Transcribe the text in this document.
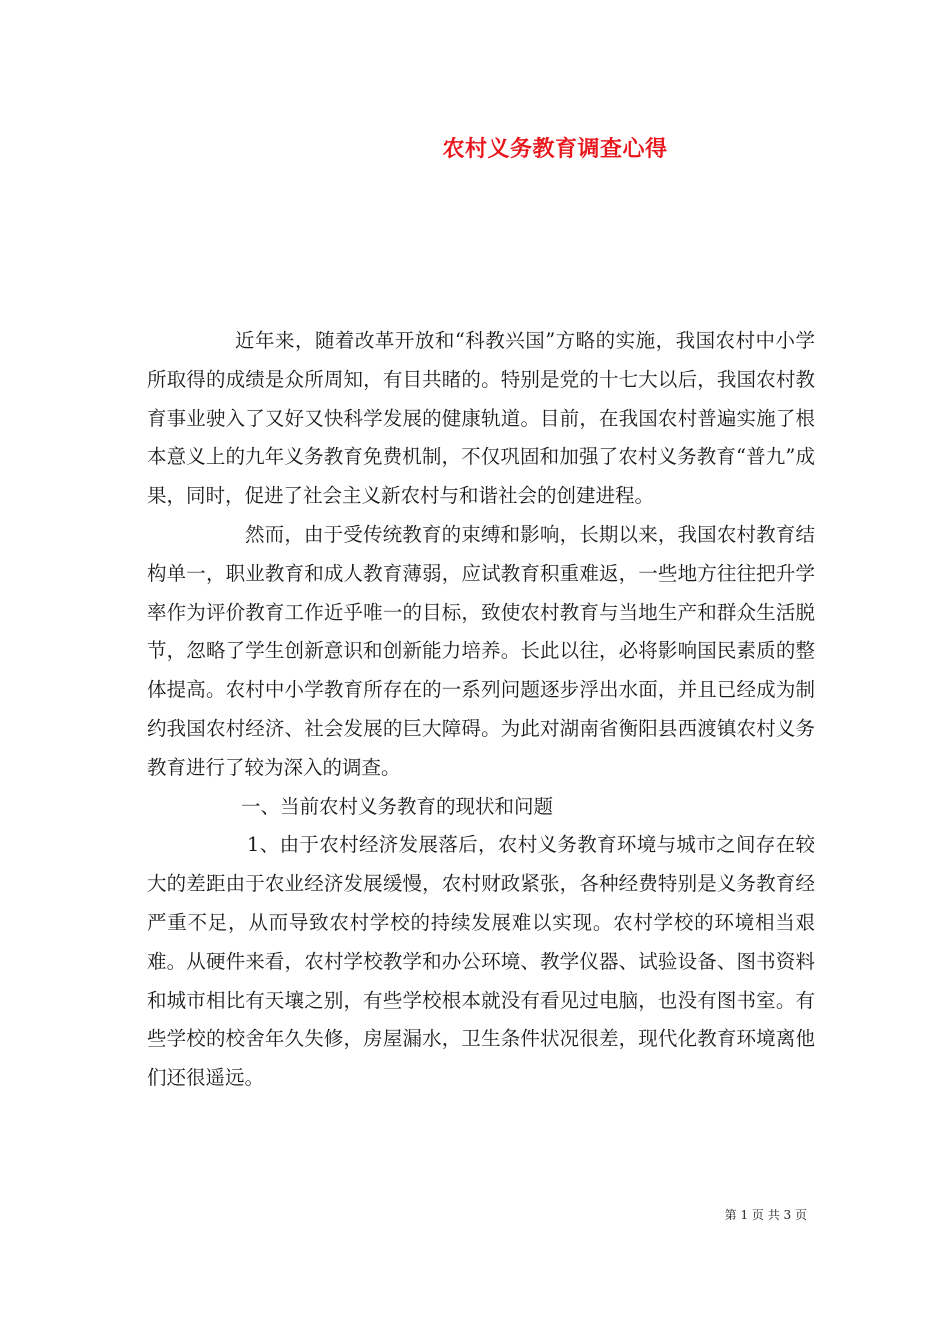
农村义务教育调查心得

近年来，随着改革开放和“科教兴国”方略的实施，我国农村中小学所取得的成绩是众所周知，有目共睹的。特别是党的十七大以后，我国农村教育事业驶入了又好又快科学发展的健康轨道。目前，在我国农村普遍实施了根本意义上的九年义务教育免费机制，不仅巩固和加强了农村义务教育“普九”成果，同时，促进了社会主义新农村与和谐社会的创建进程。

然而，由于受传统教育的束缚和影响，长期以来，我国农村教育结构单一，职业教育和成人教育薄弱，应试教育积重难返，一些地方往往把升学率作为评价教育工作近乎唯一的目标，致使农村教育与当地生产和群众生活脱节，忽略了学生创新意识和创新能力培养。长此以往，必将影响国民素质的整体提高。农村中小学教育所存在的一系列问题逐步浮出水面，并且已经成为制约我国农村经济、社会发展的巨大障碍。为此对湖南省衡阳县西渡镇农村义务教育进行了较为深入的调查。

一、当前农村义务教育的现状和问题

1、由于农村经济发展落后，农村义务教育环境与城市之间存在较大的差距由于农业经济发展缓慢，农村财政紧张，各种经费特别是义务教育经严重不足，从而导致农村学校的持续发展难以实现。农村学校的环境相当艰难。从硬件来看，农村学校教学和办公环境、教学仪器、试验设备、图书资料和城市相比有天壤之别，有些学校根本就没有看见过电脑，也没有图书室。有些学校的校舍年久失修，房屋漏水，卫生条件状况很差，现代化教育环境离他们还很遥远。

第 1 页 共 3 页
